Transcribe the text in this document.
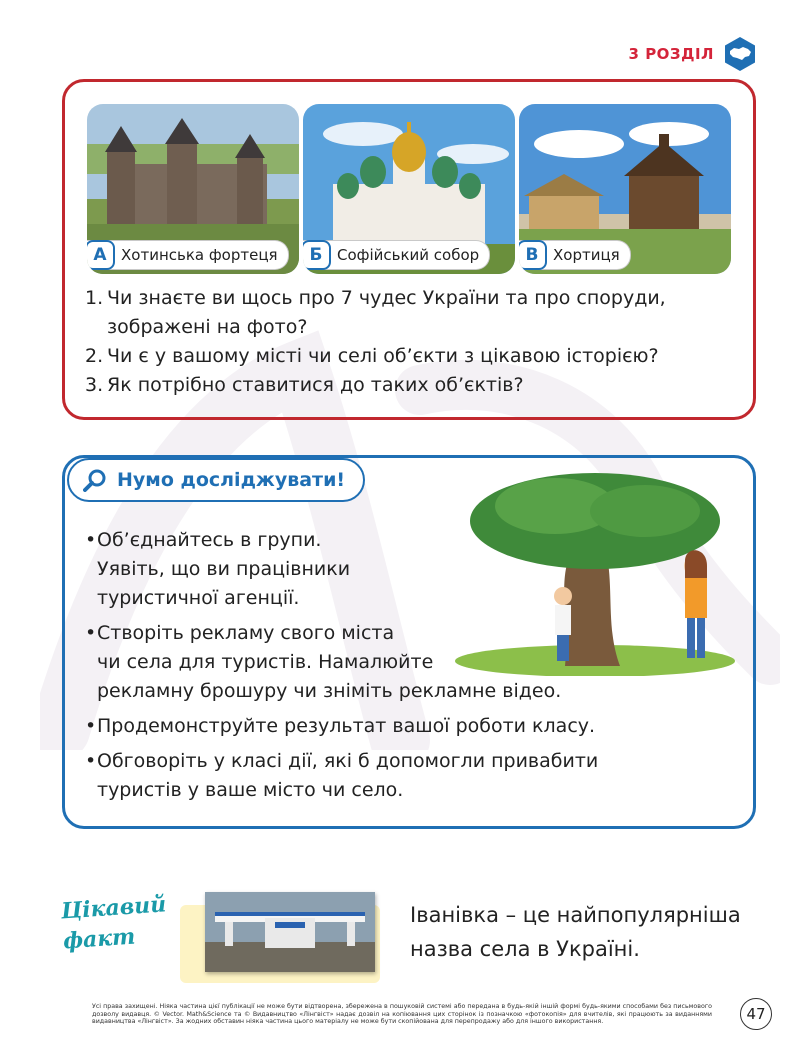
3 РОЗДІЛ
А Хотинська фортеця	Б Софійський собор	В Хортиця
1. Чи знаєте ви щось про 7 чудес України та про споруди,
зображені на фото?
2. Чи є у вашому місті чи селі об’єкти з цікавою історією?
3. Як потрібно ставитися до таких об’єктів?
Нумо досліджувати!
• Об’єднайтесь в групи.
Уявіть, що ви працівники
туристичної агенції.
• Створіть рекламу свого міста
чи села для туристів. Намалюйте
рекламну брошуру чи зніміть рекламне відео.
• Продемонструйте результат вашої роботи класу.
• Обговоріть у класі дії, які б допомогли привабити
туристів у ваше місто чи село.
Цікавий
факт
Іванівка – це найпопулярніша
назва села в Україні.
Усі права захищені. Ніяка частина цієї публікації не може бути відтворена, збережена в пошуковій системі або передана в будь-якій іншій формі будь-якими способами без письмового дозволу видавця. © Vector. Math&Science та © Видавництво «Лінгвіст» надає дозвіл на копіювання цих сторінок із позначкою «фотокопія» для вчителів, які працюють за виданнями видавництва «Лінгвіст». За жодних обставин ніяка частина цього матеріалу не може бути скопійована для перепродажу або для іншого використання.	47
